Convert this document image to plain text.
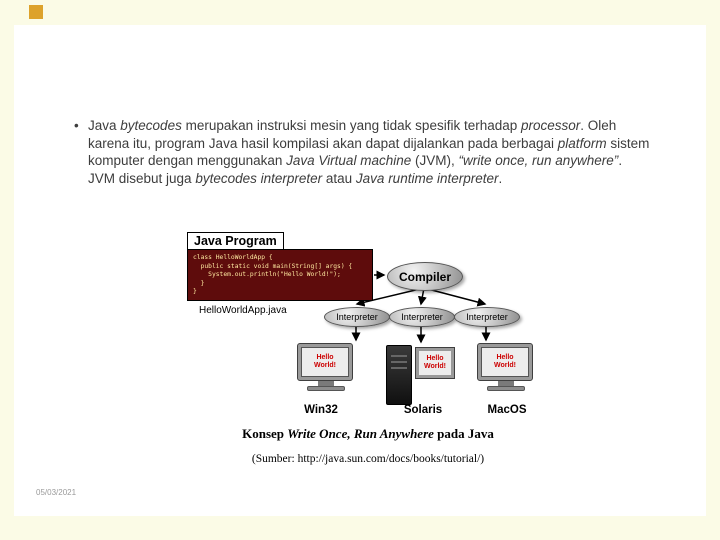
• Java bytecodes merupakan instruksi mesin yang tidak spesifik terhadap processor. Oleh karena itu, program Java hasil kompilasi akan dapat dijalankan pada berbagai platform sistem komputer dengan menggunakan Java Virtual machine (JVM), “write once, run anywhere”. JVM disebut juga bytecodes interpreter atau Java runtime interpreter.
Java Program
class HelloWorldApp {
public static void main(String[] args) {
System.out.println("Hello World!");
}
}
HelloWorldApp.java
Compiler
Interpreter	Interpreter	Interpreter
Hello World!
Hello World!
Hello World!
Win32	Solaris	MacOS
Konsep Write Once, Run Anywhere pada Java
(Sumber: http://java.sun.com/docs/books/tutorial/)
05/03/2021
